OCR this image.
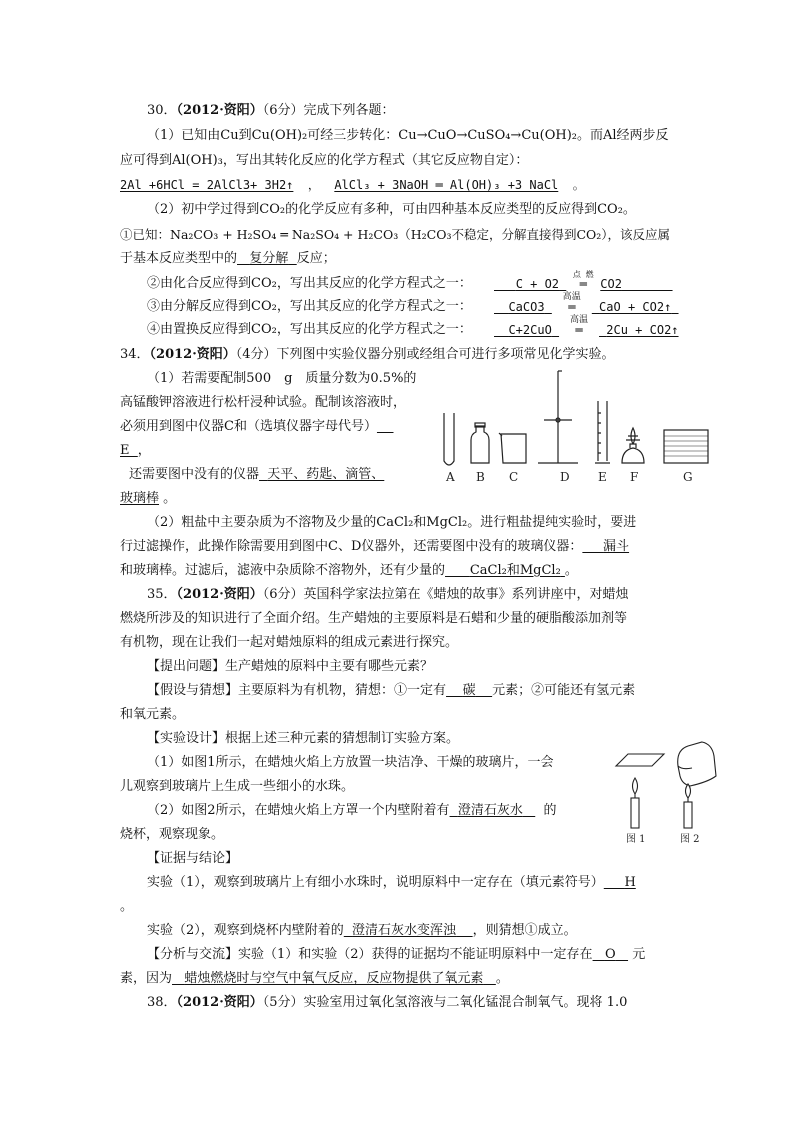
30．（2012·资阳）（6分）完成下列各题：
（1）已知由Cu到Cu(OH)₂可经三步转化：Cu→CuO→CuSO₄→Cu(OH)₂。而Al经两步反
应可得到Al(OH)₃，写出其转化反应的化学方程式（其它反应物自定）：
2Al +6HCl = 2AlCl3+ 3H2↑ ， AlCl₃ + 3NaOH ═ Al(OH)₃ +3 NaCl 。
（2）初中学过得到CO₂的化学反应有多种，可由四种基本反应类型的反应得到CO₂。
①已知：Na₂CO₃ + H₂SO₄ ═ Na₂SO₄ + H₂CO₃（H₂CO₃不稳定，分解直接得到CO₂），该反应属
于基本反应类型中的 复分解 反应；
②由化合反应得到CO₂，写出其反应的化学方程式之一：	C + O2
点 燃
═ CO2
③由分解反应得到CO₂，写出其反应的化学方程式之一：	CaCO3
高温
═ CaO + CO2↑
④由置换反应得到CO₂，写出其反应的化学方程式之一：	C+2CuO
高温
═ 2Cu + CO2↑
34．（2012·资阳）（4分）下列图中实验仪器分别或经组合可进行多项常见化学实验。
（1）若需要配制500　g　质量分数为0.5%的
高锰酸钾溶液进行松杆浸种试验。配制该溶液时，
必须用到图中仪器C和（选填仪器字母代号）
E ，
还需要图中没有的仪器 天平、药匙、滴管、
玻璃棒 。
A B C	D E F	G
（2）粗盐中主要杂质为不溶物及少量的CaCl₂和MgCl₂。进行粗盐提纯实验时，要进
行过滤操作，此操作除需要用到图中C、D仪器外，还需要图中没有的玻璃仪器： 漏斗
和玻璃棒。过滤后，滤液中杂质除不溶物外，还有少量的 CaCl₂和MgCl₂ 。
35．（2012·资阳）（6分）英国科学家法拉第在《蜡烛的故事》系列讲座中，对蜡烛
燃烧所涉及的知识进行了全面介绍。生产蜡烛的主要原料是石蜡和少量的硬脂酸添加剂等
有机物，现在让我们一起对蜡烛原料的组成元素进行探究。
【提出问题】生产蜡烛的原料中主要有哪些元素？
【假设与猜想】主要原料为有机物，猜想：①一定有 碳 元素；②可能还有氢元素
和氧元素。
【实验设计】根据上述三种元素的猜想制订实验方案。
（1）如图1所示，在蜡烛火焰上方放置一块洁净、干燥的玻璃片，一会
儿观察到玻璃片上生成一些细小的水珠。
（2）如图2所示，在蜡烛火焰上方罩一个内壁附着有 澄清石灰水 的
烧杯，观察现象。	图 1	图 2
【证据与结论】
实验（1），观察到玻璃片上有细小水珠时，说明原料中一定存在（填元素符号） H
。
实验（2），观察到烧杯内壁附着的 澄清石灰水变浑浊 ，则猜想①成立。
【分析与交流】实验（1）和实验（2）获得的证据均不能证明原料中一定存在 O 元
素，因为 蜡烛燃烧时与空气中氧气反应，反应物提供了氧元素 。
38．（2012·资阳）（5分）实验室用过氧化氢溶液与二氧化锰混合制氧气。现将 1.0
